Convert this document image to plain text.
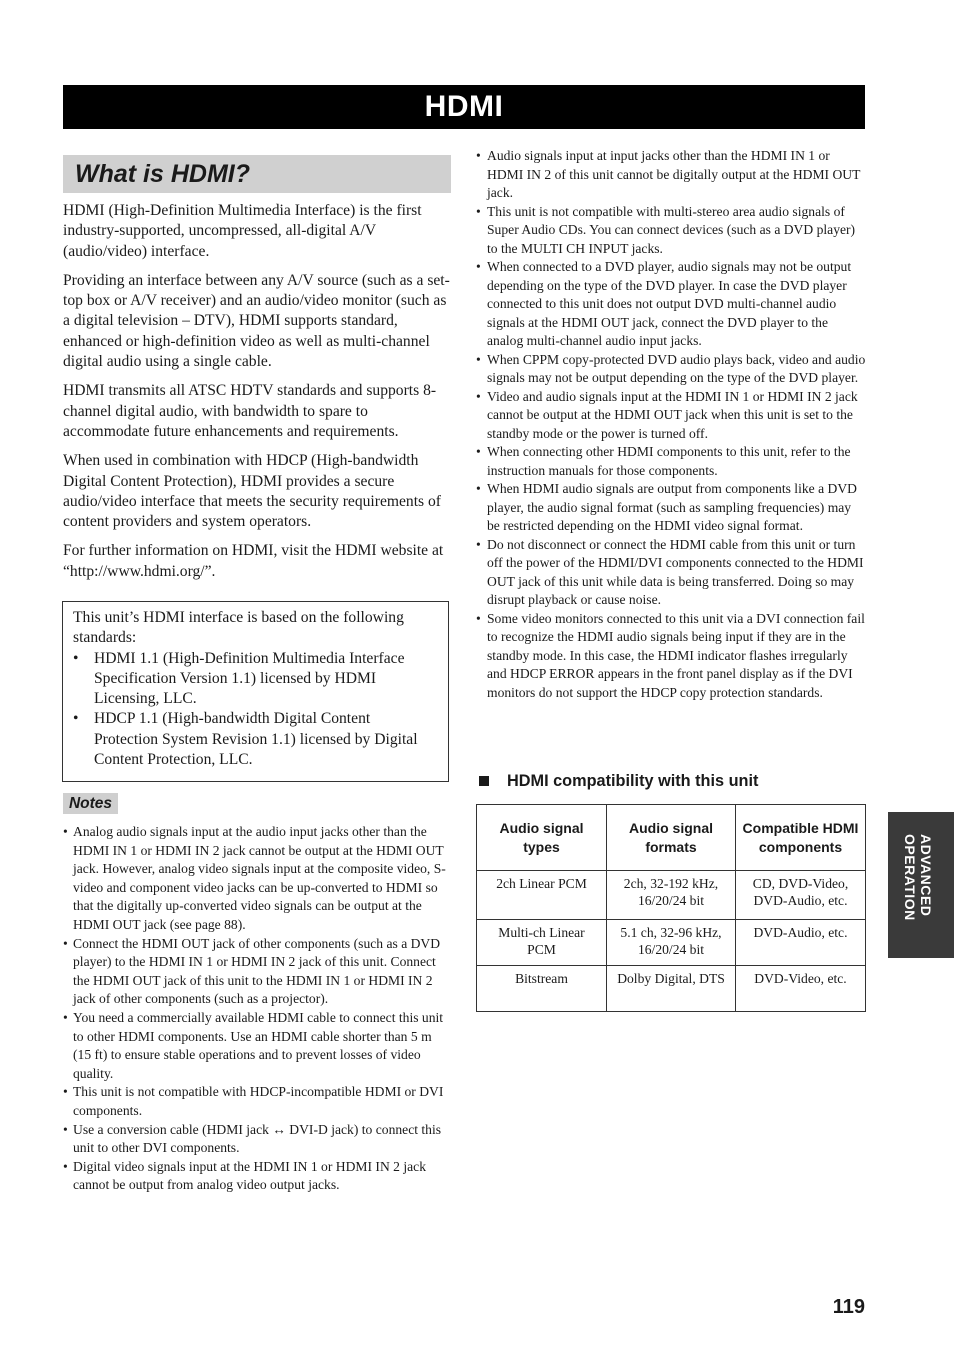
HDMI
What is HDMI?

HDMI (High-Definition Multimedia Interface) is the first industry-supported, uncompressed, all-digital A/V (audio/video) interface.

Providing an interface between any A/V source (such as a set-top box or A/V receiver) and an audio/video monitor (such as a digital television – DTV), HDMI supports standard, enhanced or high-definition video as well as multi-channel digital audio using a single cable.

HDMI transmits all ATSC HDTV standards and supports 8-channel digital audio, with bandwidth to spare to accommodate future enhancements and requirements.

When used in combination with HDCP (High-bandwidth Digital Content Protection), HDMI provides a secure audio/video interface that meets the security requirements of content providers and system operators.

For further information on HDMI, visit the HDMI website at “http://www.hdmi.org/”.

This unit’s HDMI interface is based on the following standards:
• HDMI 1.1 (High-Definition Multimedia Interface Specification Version 1.1) licensed by HDMI Licensing, LLC.
• HDCP 1.1 (High-bandwidth Digital Content Protection System Revision 1.1) licensed by Digital Content Protection, LLC.
Notes
• Analog audio signals input at the audio input jacks other than the HDMI IN 1 or HDMI IN 2 jack cannot be output at the HDMI OUT jack. However, analog video signals input at the composite video, S-video and component video jacks can be up-converted to HDMI so that the digitally up-converted video signals can be output at the HDMI OUT jack (see page 88).
• Connect the HDMI OUT jack of other components (such as a DVD player) to the HDMI IN 1 or HDMI IN 2 jack of this unit. Connect the HDMI OUT jack of this unit to the HDMI IN 1 or HDMI IN 2 jack of other components (such as a projector).
• You need a commercially available HDMI cable to connect this unit to other HDMI components. Use an HDMI cable shorter than 5 m (15 ft) to ensure stable operations and to prevent losses of video quality.
• This unit is not compatible with HDCP-incompatible HDMI or DVI components.
• Use a conversion cable (HDMI jack ↔ DVI-D jack) to connect this unit to other DVI components.
• Digital video signals input at the HDMI IN 1 or HDMI IN 2 jack cannot be output from analog video output jacks.
• Audio signals input at input jacks other than the HDMI IN 1 or HDMI IN 2 of this unit cannot be digitally output at the HDMI OUT jack.
• This unit is not compatible with multi-stereo area audio signals of Super Audio CDs. You can connect devices (such as a DVD player) to the MULTI CH INPUT jacks.
• When connected to a DVD player, audio signals may not be output depending on the type of the DVD player. In case the DVD player connected to this unit does not output DVD multi-channel audio signals at the HDMI OUT jack, connect the DVD player to the analog multi-channel audio input jacks.
• When CPPM copy-protected DVD audio plays back, video and audio signals may not be output depending on the type of the DVD player.
• Video and audio signals input at the HDMI IN 1 or HDMI IN 2 jack cannot be output at the HDMI OUT jack when this unit is set to the standby mode or the power is turned off.
• When connecting other HDMI components to this unit, refer to the instruction manuals for those components.
• When HDMI audio signals are output from components like a DVD player, the audio signal format (such as sampling frequencies) may be restricted depending on the HDMI video signal format.
• Do not disconnect or connect the HDMI cable from this unit or turn off the power of the HDMI/DVI components connected to the HDMI OUT jack of this unit while data is being transferred. Doing so may disrupt playback or cause noise.
• Some video monitors connected to this unit via a DVI connection fail to recognize the HDMI audio signals being input if they are in the standby mode. In this case, the HDMI indicator flashes irregularly and HDCP ERROR appears in the front panel display as if the DVI monitors do not support the HDCP copy protection standards.
HDMI compatibility with this unit
Audio signal types	Audio signal formats	Compatible HDMI components
2ch Linear PCM	2ch, 32-192 kHz, 16/20/24 bit	CD, DVD-Video, DVD-Audio, etc.
Multi-ch Linear PCM	5.1 ch, 32-96 kHz, 16/20/24 bit	DVD-Audio, etc.
Bitstream	Dolby Digital, DTS	DVD-Video, etc.
ADVANCED
OPERATION
119
